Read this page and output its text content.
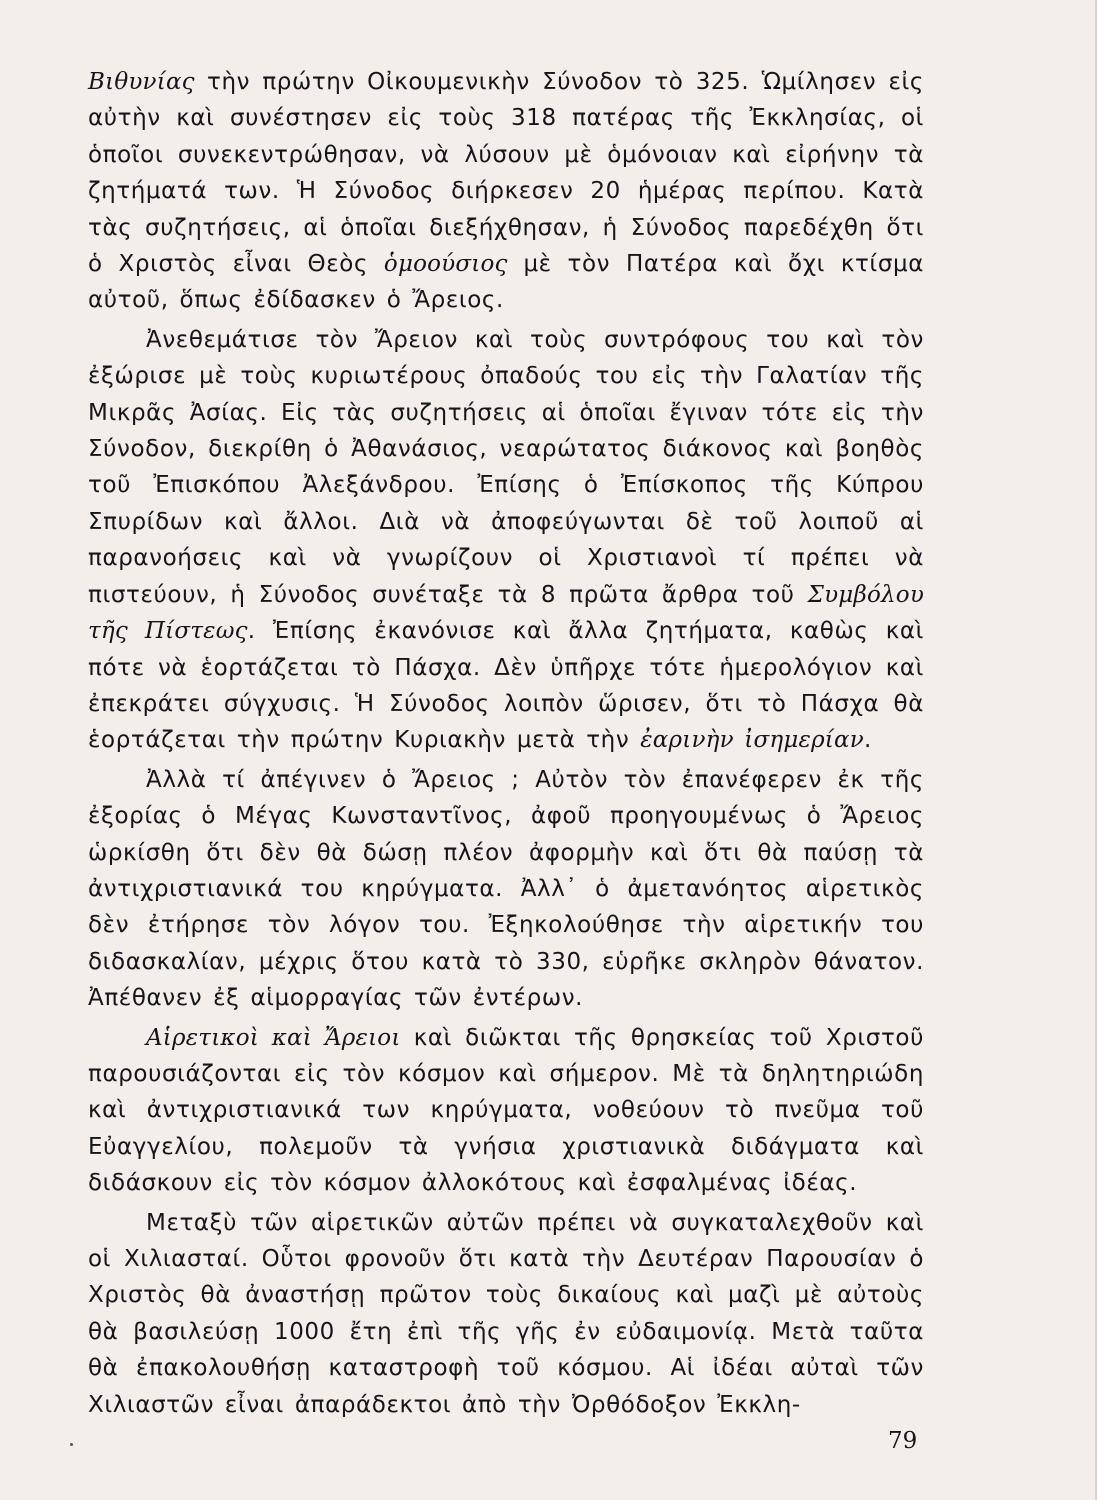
Βιθυνίας τὴν πρώτην Οἰκουμενικὴν Σύνοδον τὸ 325. Ὡμίλησεν εἰς αὐτὴν καὶ συνέστησεν εἰς τοὺς 318 πατέρας τῆς Ἐκκλησίας, οἱ ὁποῖοι συνεκεντρώθησαν, νὰ λύσουν μὲ ὁμόνοιαν καὶ εἰρήνην τὰ ζητήματά των. Ἡ Σύνοδος διήρκεσεν 20 ἡμέρας περίπου. Κατὰ τὰς συζητήσεις, αἱ ὁποῖαι διεξήχθησαν, ἡ Σύνοδος παρεδέχθη ὅτι ὁ Χριστὸς εἶναι Θεὸς ὁμοούσιος μὲ τὸν Πατέρα καὶ ὄχι κτίσμα αὐτοῦ, ὅπως ἐδίδασκεν ὁ Ἄρειος.

Ἀνεθεμάτισε τὸν Ἄρειον καὶ τοὺς συντρόφους του καὶ τὸν ἐξώρισε μὲ τοὺς κυριωτέρους ὀπαδούς του εἰς τὴν Γαλατίαν τῆς Μικρᾶς Ἀσίας. Εἰς τὰς συζητήσεις αἱ ὁποῖαι ἔγιναν τότε εἰς τὴν Σύνοδον, διεκρίθη ὁ Ἀθανάσιος, νεαρώτατος διάκονος καὶ βοηθὸς τοῦ Ἐπισκόπου Ἀλεξάνδρου. Ἐπίσης ὁ Ἐπίσκοπος τῆς Κύπρου Σπυρίδων καὶ ἄλλοι. Διὰ νὰ ἀποφεύγωνται δὲ τοῦ λοιποῦ αἱ παρανοήσεις καὶ νὰ γνωρίζουν οἱ Χριστιανοὶ τί πρέπει νὰ πιστεύουν, ἡ Σύνοδος συνέταξε τὰ 8 πρῶτα ἄρθρα τοῦ Συμβόλου τῆς Πίστεως. Ἐπίσης ἐκανόνισε καὶ ἄλλα ζητήματα, καθὼς καὶ πότε νὰ ἑορτάζεται τὸ Πάσχα. Δὲν ὑπῆρχε τότε ἡμερολόγιον καὶ ἐπεκράτει σύγχυσις. Ἡ Σύνοδος λοιπὸν ὥρισεν, ὅτι τὸ Πάσχα θὰ ἑορτάζεται τὴν πρώτην Κυριακὴν μετὰ τὴν ἐαρινὴν ἰσημερίαν.

Ἀλλὰ τί ἀπέγινεν ὁ Ἄρειος ; Αὐτὸν τὸν ἐπανέφερεν ἐκ τῆς ἐξορίας ὁ Μέγας Κωνσταντῖνος, ἀφοῦ προηγουμένως ὁ Ἄρειος ὡρκίσθη ὅτι δὲν θὰ δώσῃ πλέον ἀφορμὴν καὶ ὅτι θὰ παύσῃ τὰ ἀντιχριστιανικά του κηρύγματα. Ἀλλ᾽ ὁ ἀμετανόητος αἱρετικὸς δὲν ἐτήρησε τὸν λόγον του. Ἐξηκολούθησε τὴν αἱρετικήν του διδασκαλίαν, μέχρις ὅτου κατὰ τὸ 330, εὑρῆκε σκληρὸν θάνατον. Ἀπέθανεν ἐξ αἱμορραγίας τῶν ἐντέρων.

Αἱρετικοὶ καὶ Ἄρειοι καὶ διῶκται τῆς θρησκείας τοῦ Χριστοῦ παρουσιάζονται εἰς τὸν κόσμον καὶ σήμερον. Μὲ τὰ δηλητηριώδη καὶ ἀντιχριστιανικά των κηρύγματα, νοθεύουν τὸ πνεῦμα τοῦ Εὐαγγελίου, πολεμοῦν τὰ γνήσια χριστιανικὰ διδάγματα καὶ διδάσκουν εἰς τὸν κόσμον ἀλλοκότους καὶ ἐσφαλμένας ἰδέας.

Μεταξὺ τῶν αἱρετικῶν αὐτῶν πρέπει νὰ συγκαταλεχθοῦν καὶ οἱ Χιλιασταί. Οὗτοι φρονοῦν ὅτι κατὰ τὴν Δευτέραν Παρουσίαν ὁ Χριστὸς θὰ ἀναστήσῃ πρῶτον τοὺς δικαίους καὶ μαζὶ μὲ αὐτοὺς θὰ βασιλεύσῃ 1000 ἔτη ἐπὶ τῆς γῆς ἐν εὐδαιμονίᾳ. Μετὰ ταῦτα θὰ ἐπακολουθήσῃ καταστροφὴ τοῦ κόσμου. Αἱ ἰδέαι αὐταὶ τῶν Χιλιαστῶν εἶναι ἀπαράδεκτοι ἀπὸ τὴν Ὀρθόδοξον Ἐκκλη-

79
